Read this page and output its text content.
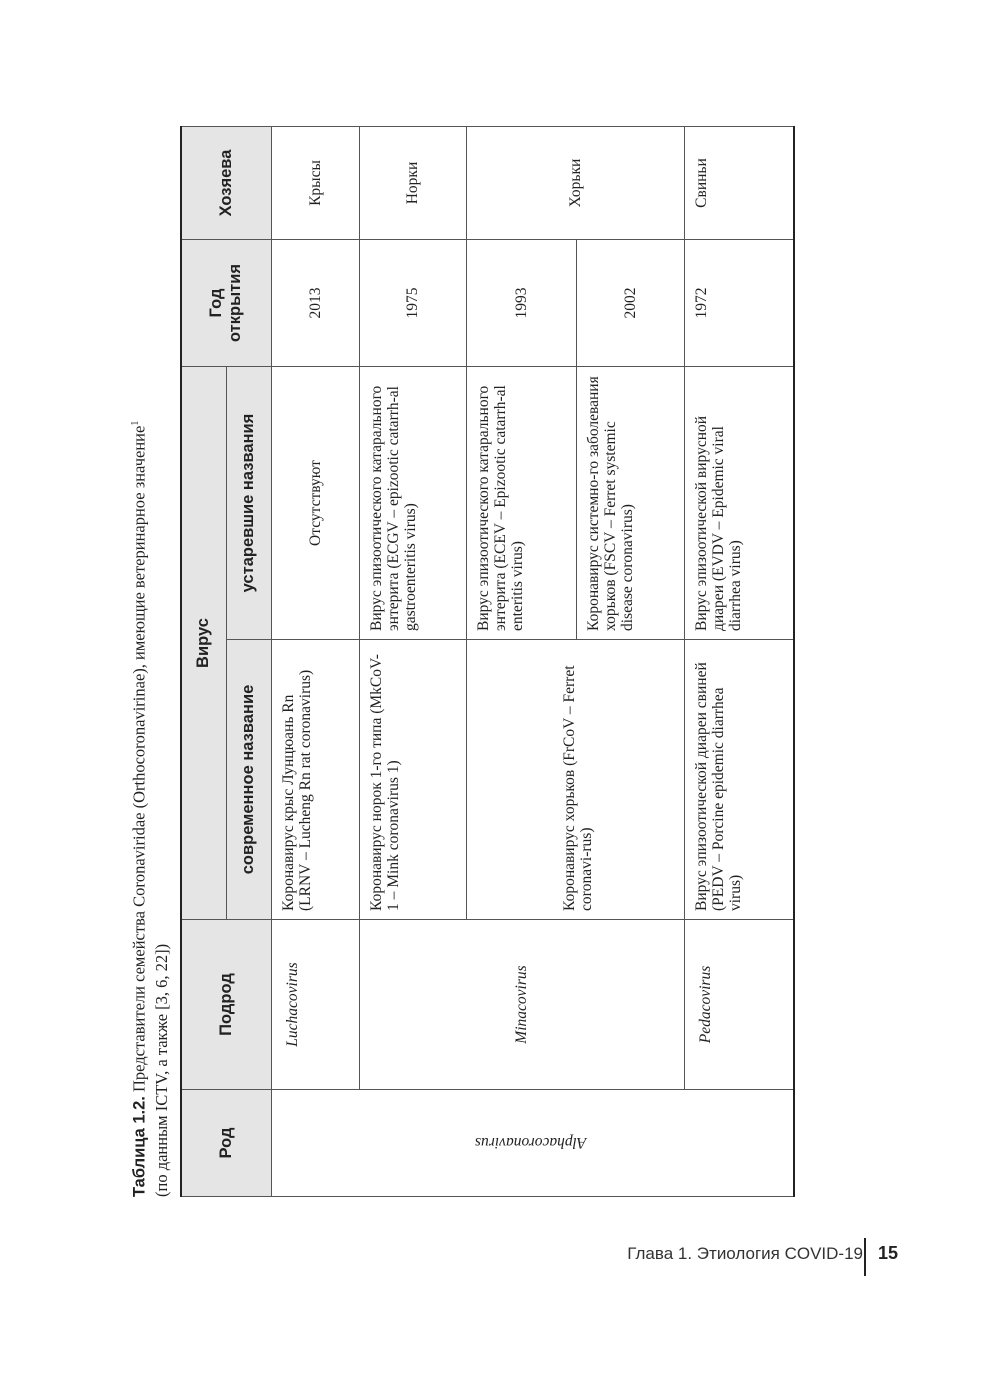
Таблица 1.2. Представители семейства Coronaviridae (Orthocoronavirinae), имеющие ветеринарное значение$^1$
(по данным ICTV, а также [3, 6, 22])	Род	Подрод	Вирус		Год открытия	Хозяева
		современное название	устаревшие названия		
Alphacoronavirus	Luchacovirus	Коронавирус крыс Лунцюань Rn (LRNV – Lucheng Rn rat coronavirus)	Отсутствуют	2013	Крысы
	Minacovirus	Коронавирус норок 1-го типа (MkCoV-1 – Mink coronavirus 1)	Вирус эпизоотического катарального энтерита (ECGV – epizootic catarrh-al gastroenteritis virus)	1975	Норки
		Коронавирус хорьков (FrCoV – Ferret coronavi-rus)	Вирус эпизоотического катарального энтерита (ECEV – Epizootic catarrh-al enteritis virus)	1993	Хорьки
			Коронавирус системно-го заболевания хорьков (FSCV – Ferret systemic disease coronavirus)	2002	
	Pedacovirus	Вирус эпизоотической диареи свиней (PEDV – Porcine epidemic diarrhea virus)	Вирус эпизоотической вирусной диареи (EVDV – Epidemic viral diarrhea virus)	1972	Свиньи
Глава 1. Этиология COVID-19 15
